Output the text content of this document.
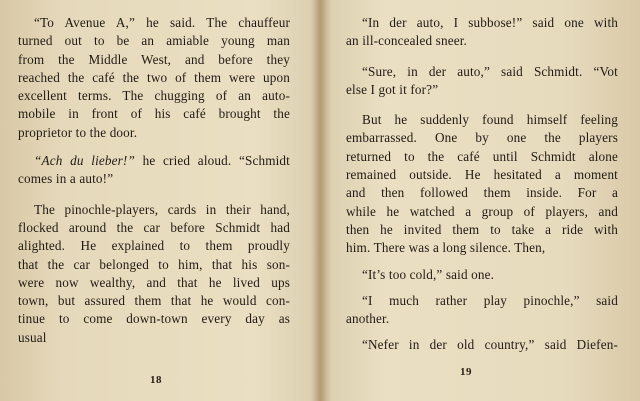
“To Avenue A,” he said. The chauffeur
turned out to be an amiable young man
from the Middle West, and before they
reached the café the two of them were upon
excellent terms. The chugging of an auto-
mobile in front of his café brought the
proprietor to the door.
“Ach du lieber!” he cried aloud. “Schmidt
comes in a auto!”
The pinochle-players, cards in their hand,
flocked around the car before Schmidt had
alighted. He explained to them proudly
that the car belonged to him, that his son-
were now wealthy, and that he lived ups
town, but assured them that he would con-
tinue to come down-town every day as
usual
18
“In der auto, I subbose!” said one with
an ill-concealed sneer.
“Sure, in der auto,” said Schmidt. “Vot
else I got it for?”
But he suddenly found himself feeling
embarrassed. One by one the players
returned to the café until Schmidt alone
remained outside. He hesitated a moment
and then followed them inside. For a
while he watched a group of players, and
then he invited them to take a ride with
him. There was a long silence. Then,
“It’s too cold,” said one.
“I much rather play pinochle,” said
another.
“Nefer in der old country,” said Diefen-
19
